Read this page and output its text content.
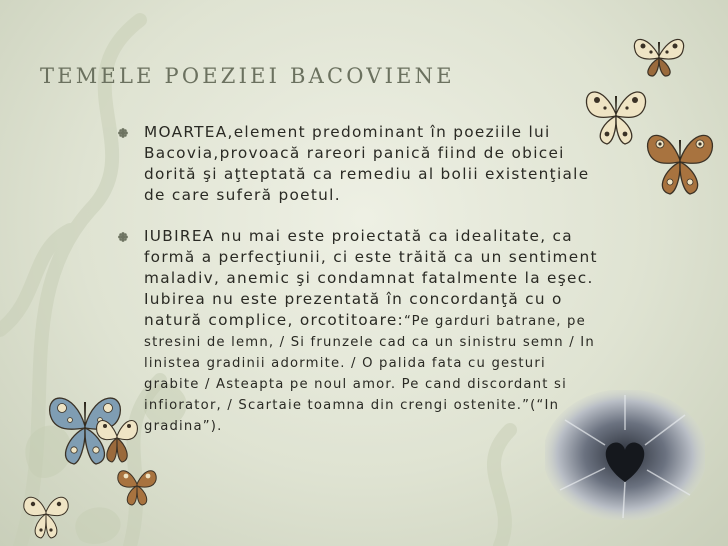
TEMELE POEZIEI BACOVIENE

MOARTEA,element predominant în poeziile lui Bacovia,provoacă rareori panică fiind de obicei dorită şi aţteptată ca remediu al bolii existenţiale de care suferă poetul.

IUBIREA nu mai este proiectată ca idealitate, ca formă a perfecţiunii, ci este trăită ca un sentiment maladiv, anemic şi condamnat fatalmente la eşec. Iubirea nu este prezentată în concordanţă cu o natură complice, orcotitoare:“Pe garduri batrane, pe stresini de lemn, / Si frunzele cad ca un sinistru semn / In linistea gradinii adormite. / O palida fata cu gesturi grabite / Asteapta pe noul amor. Pe cand discordant si infiorator, / Scartaie toamna din crengi ostenite.”(“In gradina”).
